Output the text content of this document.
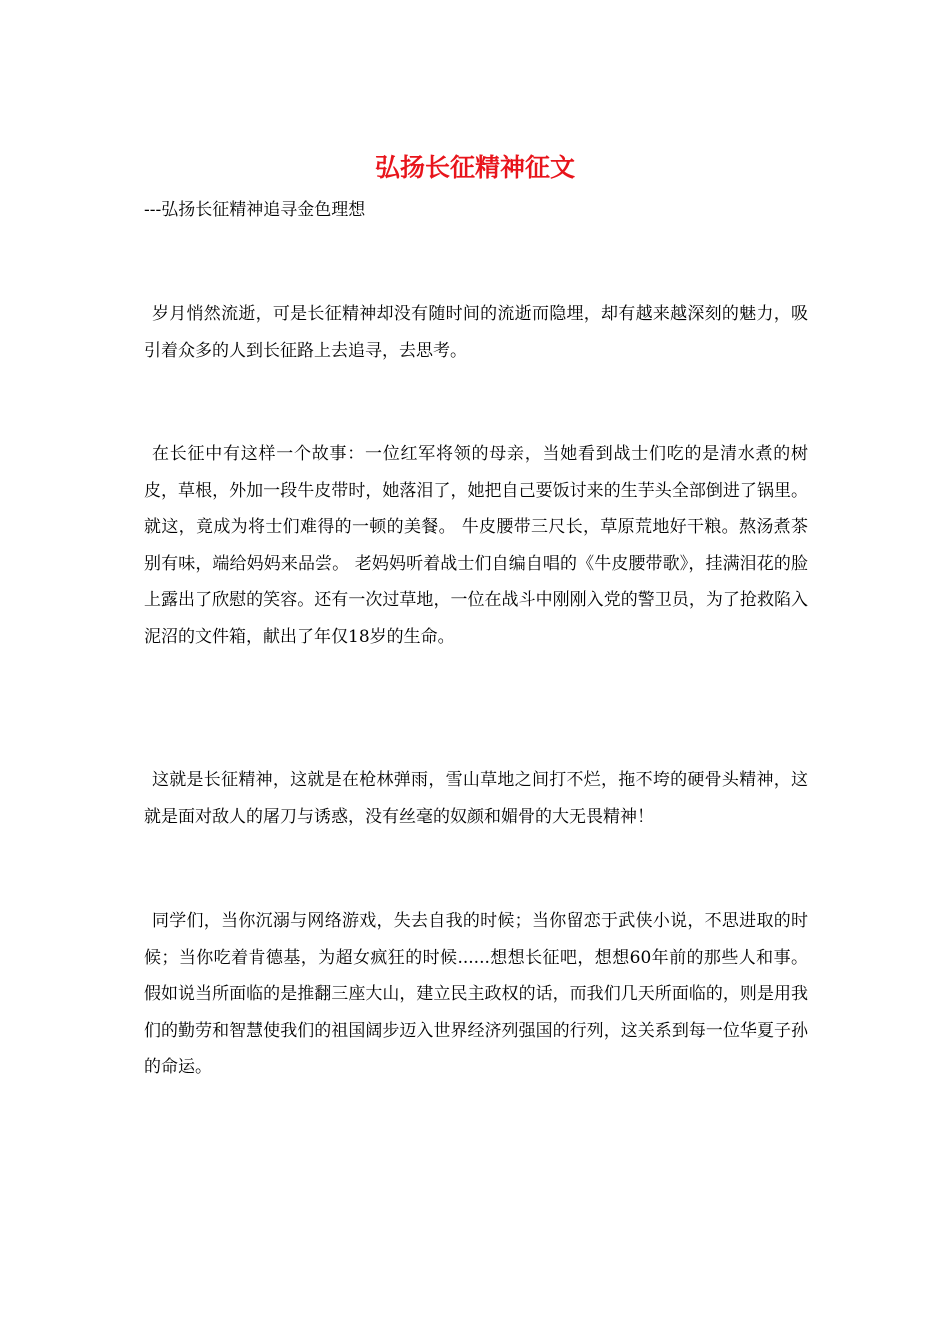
弘扬长征精神征文

---弘扬长征精神追寻金色理想

岁月悄然流逝，可是长征精神却没有随时间的流逝而隐埋，却有越来越深刻的魅力，吸引着众多的人到长征路上去追寻，去思考。

在长征中有这样一个故事：一位红军将领的母亲，当她看到战士们吃的是清水煮的树皮，草根，外加一段牛皮带时，她落泪了，她把自己要饭讨来的生芋头全部倒进了锅里。就这，竟成为将士们难得的一顿的美餐。 牛皮腰带三尺长，草原荒地好干粮。熬汤煮茶别有味，端给妈妈来品尝。 老妈妈听着战士们自编自唱的《牛皮腰带歌》，挂满泪花的脸上露出了欣慰的笑容。还有一次过草地，一位在战斗中刚刚入党的警卫员，为了抢救陷入泥沼的文件箱，献出了年仅18岁的生命。

这就是长征精神，这就是在枪林弹雨，雪山草地之间打不烂，拖不垮的硬骨头精神，这就是面对敌人的屠刀与诱惑，没有丝毫的奴颜和媚骨的大无畏精神！

同学们，当你沉溺与网络游戏，失去自我的时候；当你留恋于武侠小说，不思进取的时候；当你吃着肯德基，为超女疯狂的时候......想想长征吧，想想60年前的那些人和事。假如说当所面临的是推翻三座大山，建立民主政权的话，而我们几天所面临的，则是用我们的勤劳和智慧使我们的祖国阔步迈入世界经济列强国的行列，这关系到每一位华夏子孙的命运。
